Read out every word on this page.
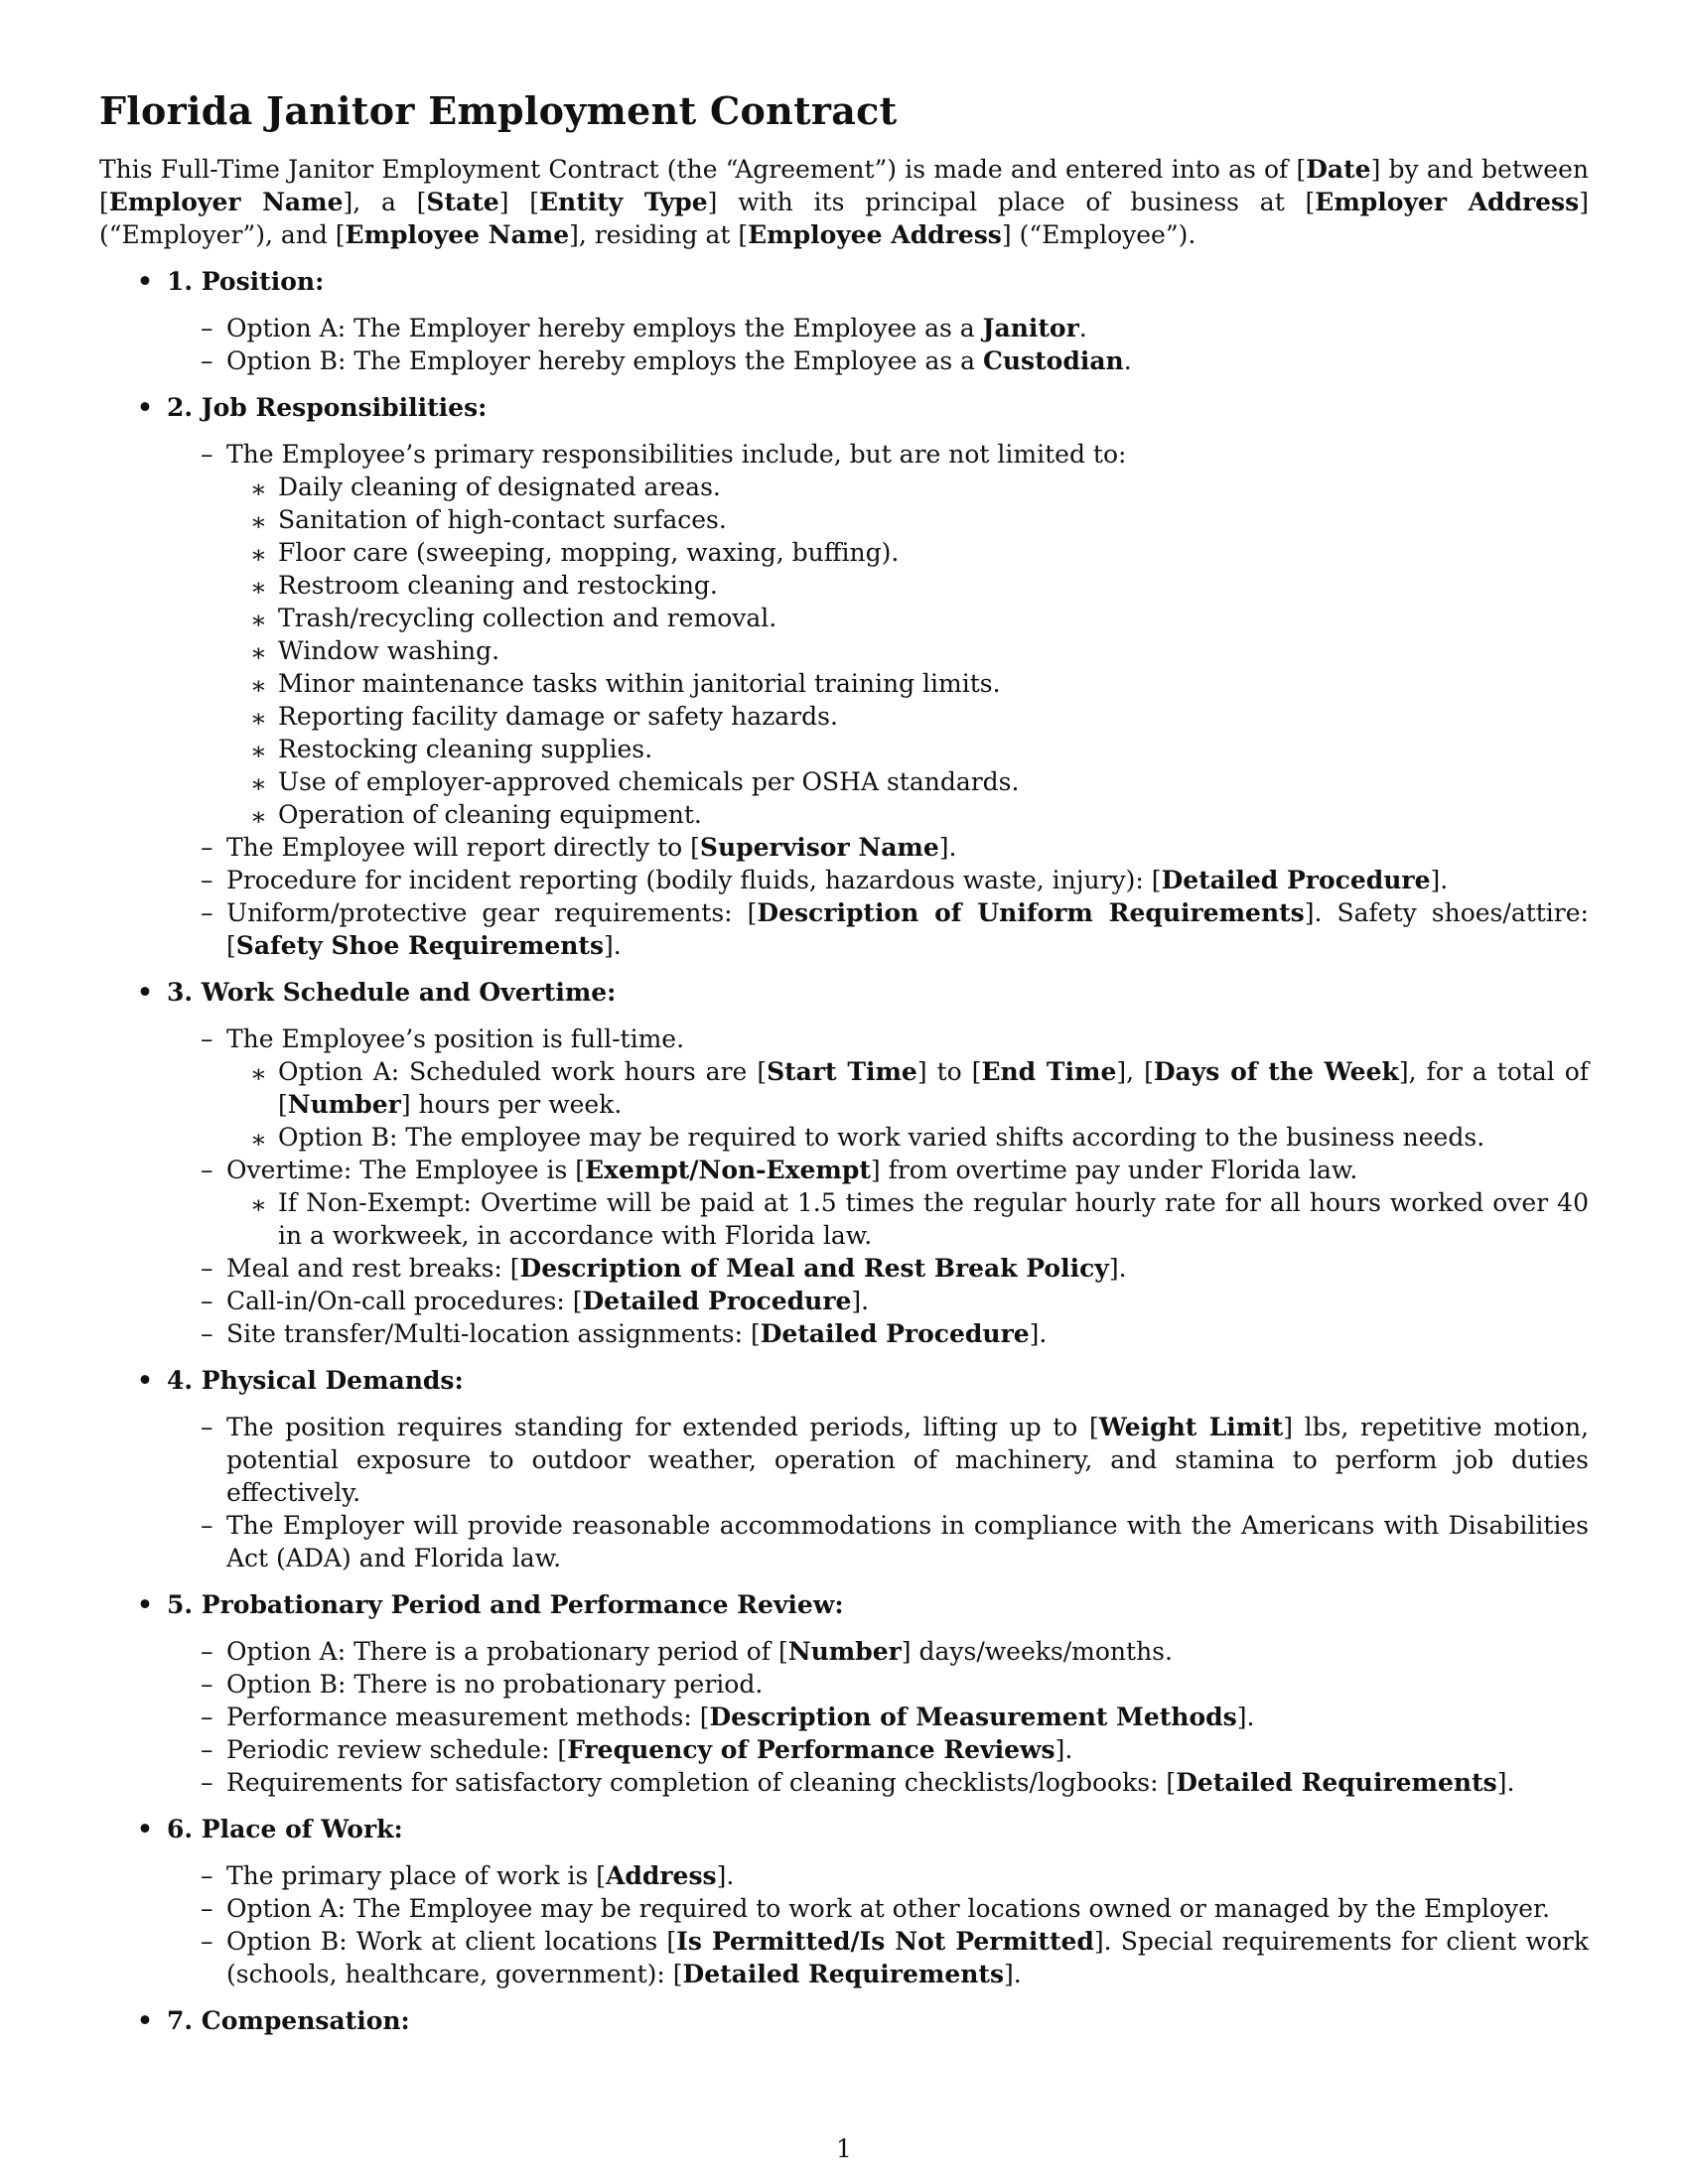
Florida Janitor Employment Contract

This Full-Time Janitor Employment Contract (the “Agreement”) is made and entered into as of [Date] by and between [Employer Name], a [State] [Entity Type] with its principal place of business at [Employer Address] (“Employer”), and [Employee Name], residing at [Employee Address] (“Employee”).

• 1. Position:
– Option A: The Employer hereby employs the Employee as a Janitor.
– Option B: The Employer hereby employs the Employee as a Custodian.
• 2. Job Responsibilities:
– The Employee’s primary responsibilities include, but are not limited to:
∗ Daily cleaning of designated areas.
∗ Sanitation of high-contact surfaces.
∗ Floor care (sweeping, mopping, waxing, buffing).
∗ Restroom cleaning and restocking.
∗ Trash/recycling collection and removal.
∗ Window washing.
∗ Minor maintenance tasks within janitorial training limits.
∗ Reporting facility damage or safety hazards.
∗ Restocking cleaning supplies.
∗ Use of employer-approved chemicals per OSHA standards.
∗ Operation of cleaning equipment.
– The Employee will report directly to [Supervisor Name].
– Procedure for incident reporting (bodily fluids, hazardous waste, injury): [Detailed Procedure].
– Uniform/protective gear requirements: [Description of Uniform Requirements]. Safety shoes/attire: [Safety Shoe Requirements].
• 3. Work Schedule and Overtime:
– The Employee’s position is full-time.
∗ Option A: Scheduled work hours are [Start Time] to [End Time], [Days of the Week], for a total of [Number] hours per week.
∗ Option B: The employee may be required to work varied shifts according to the business needs.
– Overtime: The Employee is [Exempt/Non-Exempt] from overtime pay under Florida law.
∗ If Non-Exempt: Overtime will be paid at 1.5 times the regular hourly rate for all hours worked over 40 in a workweek, in accordance with Florida law.
– Meal and rest breaks: [Description of Meal and Rest Break Policy].
– Call-in/On-call procedures: [Detailed Procedure].
– Site transfer/Multi-location assignments: [Detailed Procedure].
• 4. Physical Demands:
– The position requires standing for extended periods, lifting up to [Weight Limit] lbs, repetitive motion, potential exposure to outdoor weather, operation of machinery, and stamina to perform job duties effectively.
– The Employer will provide reasonable accommodations in compliance with the Americans with Disabilities Act (ADA) and Florida law.
• 5. Probationary Period and Performance Review:
– Option A: There is a probationary period of [Number] days/weeks/months.
– Option B: There is no probationary period.
– Performance measurement methods: [Description of Measurement Methods].
– Periodic review schedule: [Frequency of Performance Reviews].
– Requirements for satisfactory completion of cleaning checklists/logbooks: [Detailed Requirements].
• 6. Place of Work:
– The primary place of work is [Address].
– Option A: The Employee may be required to work at other locations owned or managed by the Employer.
– Option B: Work at client locations [Is Permitted/Is Not Permitted]. Special requirements for client work (schools, healthcare, government): [Detailed Requirements].
• 7. Compensation:
1
